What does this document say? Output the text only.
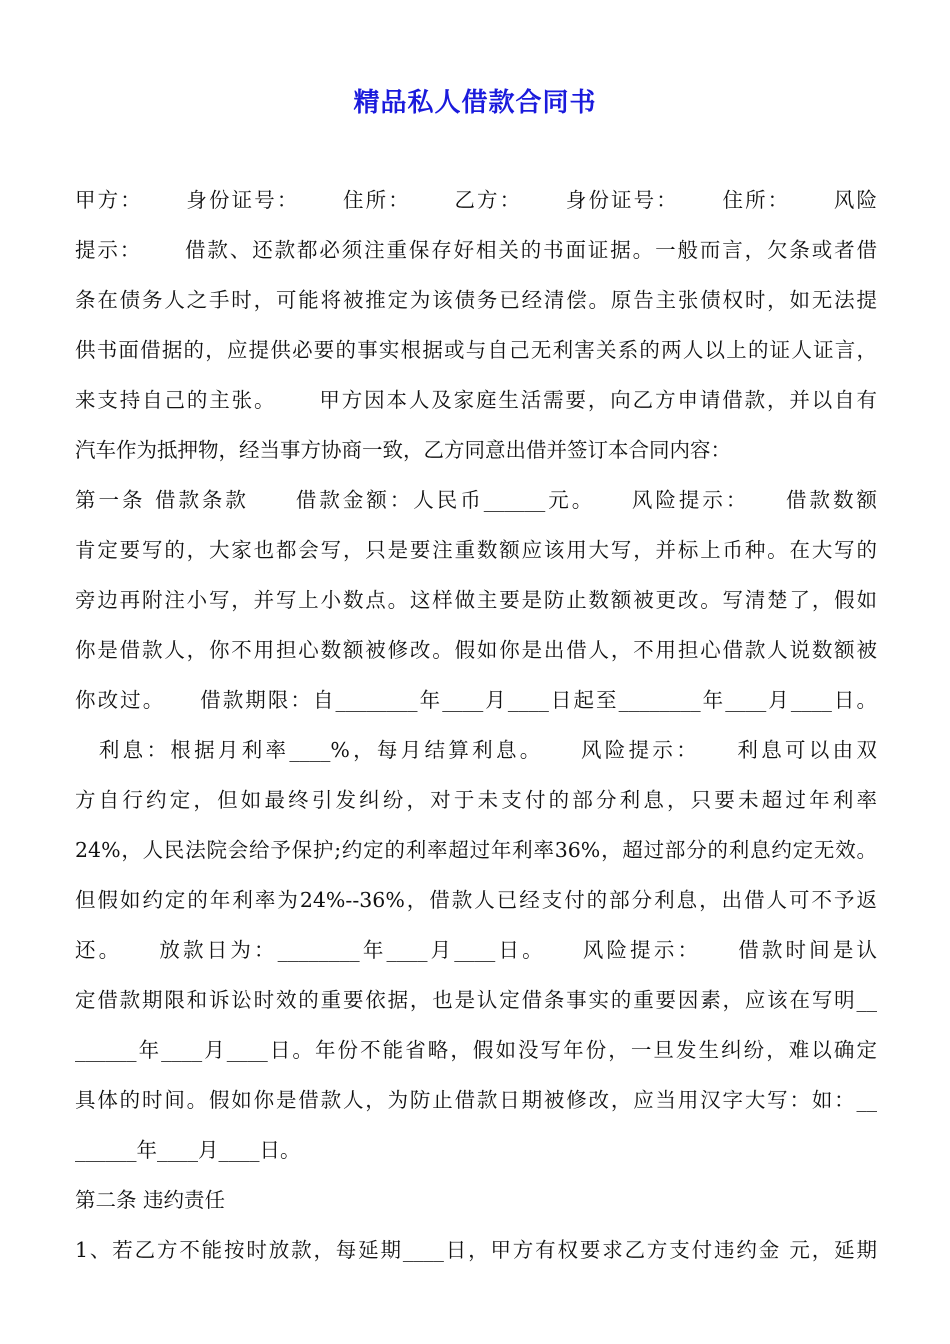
精品私人借款合同书
甲方：　　 身份证号：　　 住所：　　 乙方：　　 身份证号：　　 住所：　　 风险
提示：　　 借款、还款都必须注重保存好相关的书面证据。一般而言，欠条或者借
条在债务人之手时，可能将被推定为该债务已经清偿。原告主张债权时，如无法提
供书面借据的，应提供必要的事实根据或与自己无利害关系的两人以上的证人证言，
来支持自己的主张。　　 甲方因本人及家庭生活需要，向乙方申请借款，并以自有
汽车作为抵押物，经当事方协商一致，乙方同意出借并签订本合同内容：
第一条 借款条款　　借款金额：人民币______元。　　风险提示：　　借款数额
肯定要写的，大家也都会写，只是要注重数额应该用大写，并标上币种。在大写的
旁边再附注小写，并写上小数点。这样做主要是防止数额被更改。写清楚了，假如
你是借款人，你不用担心数额被修改。假如你是出借人，不用担心借款人说数额被
你改过。　　借款期限：自________年____月____日起至________年____月____日。
　利息：根据月利率____%，每月结算利息。　　风险提示：　　利息可以由双
方自行约定，但如最终引发纠纷，对于未支付的部分利息，只要未超过年利率
24%，人民法院会给予保护;约定的利率超过年利率36%，超过部分的利息约定无效。
但假如约定的年利率为24%--36%，借款人已经支付的部分利息，出借人可不予返
还。　　放款日为：________年____月____日。　　风险提示：　　借款时间是认
定借款期限和诉讼时效的重要依据，也是认定借条事实的重要因素，应该在写明__
______年____月____日。年份不能省略，假如没写年份，一旦发生纠纷，难以确定
具体的时间。假如你是借款人，为防止借款日期被修改，应当用汉字大写：如：__
______年____月____日。
第二条 违约责任
1、若乙方不能按时放款，每延期____日，甲方有权要求乙方支付违约金 元，延期
